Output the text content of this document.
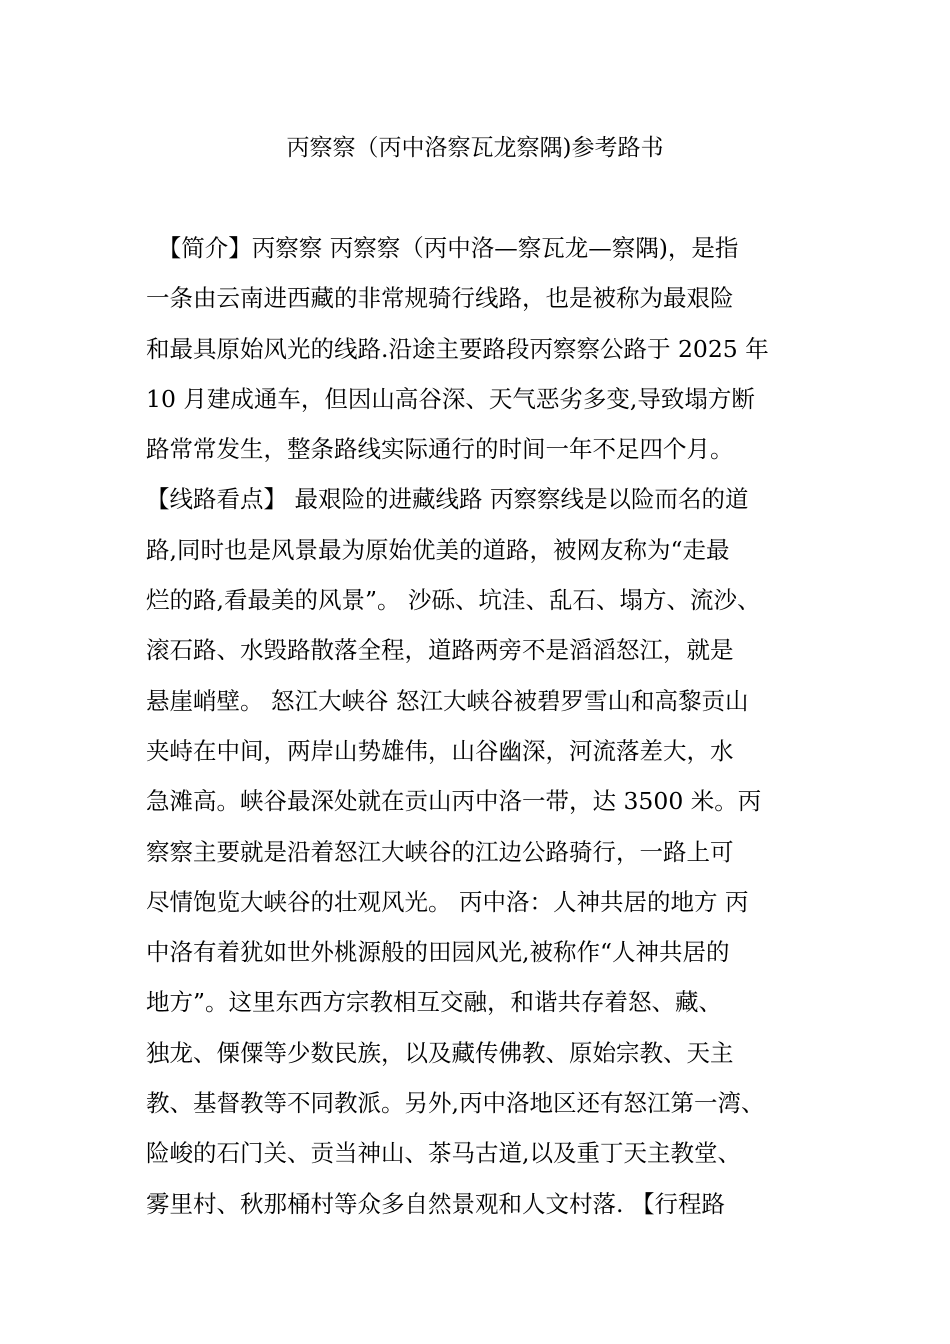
丙察察（丙中洛察瓦龙察隅)参考路书
　【简介】丙察察 丙察察（丙中洛—察瓦龙—察隅)，是指
一条由云南进西藏的非常规骑行线路，也是被称为最艰险
和最具原始风光的线路.沿途主要路段丙察察公路于 2025 年
10 月建成通车，但因山高谷深、天气恶劣多变,导致塌方断
路常常发生，整条路线实际通行的时间一年不足四个月。
【线路看点】 最艰险的进藏线路 丙察察线是以险而名的道
路,同时也是风景最为原始优美的道路，被网友称为“走最
烂的路,看最美的风景”。 沙砾、坑洼、乱石、塌方、流沙、
滚石路、水毁路散落全程，道路两旁不是滔滔怒江，就是
悬崖峭壁。 怒江大峡谷 怒江大峡谷被碧罗雪山和高黎贡山
夹峙在中间，两岸山势雄伟，山谷幽深，河流落差大，水
急滩高。峡谷最深处就在贡山丙中洛一带，达 3500 米。丙
察察主要就是沿着怒江大峡谷的江边公路骑行，一路上可
尽情饱览大峡谷的壮观风光。 丙中洛：人神共居的地方 丙
中洛有着犹如世外桃源般的田园风光,被称作“人神共居的
地方”。这里东西方宗教相互交融，和谐共存着怒、藏、
独龙、傈僳等少数民族，以及藏传佛教、原始宗教、天主
教、基督教等不同教派。另外,丙中洛地区还有怒江第一湾、
险峻的石门关、贡当神山、茶马古道,以及重丁天主教堂、
雾里村、秋那桶村等众多自然景观和人文村落. 【行程路
